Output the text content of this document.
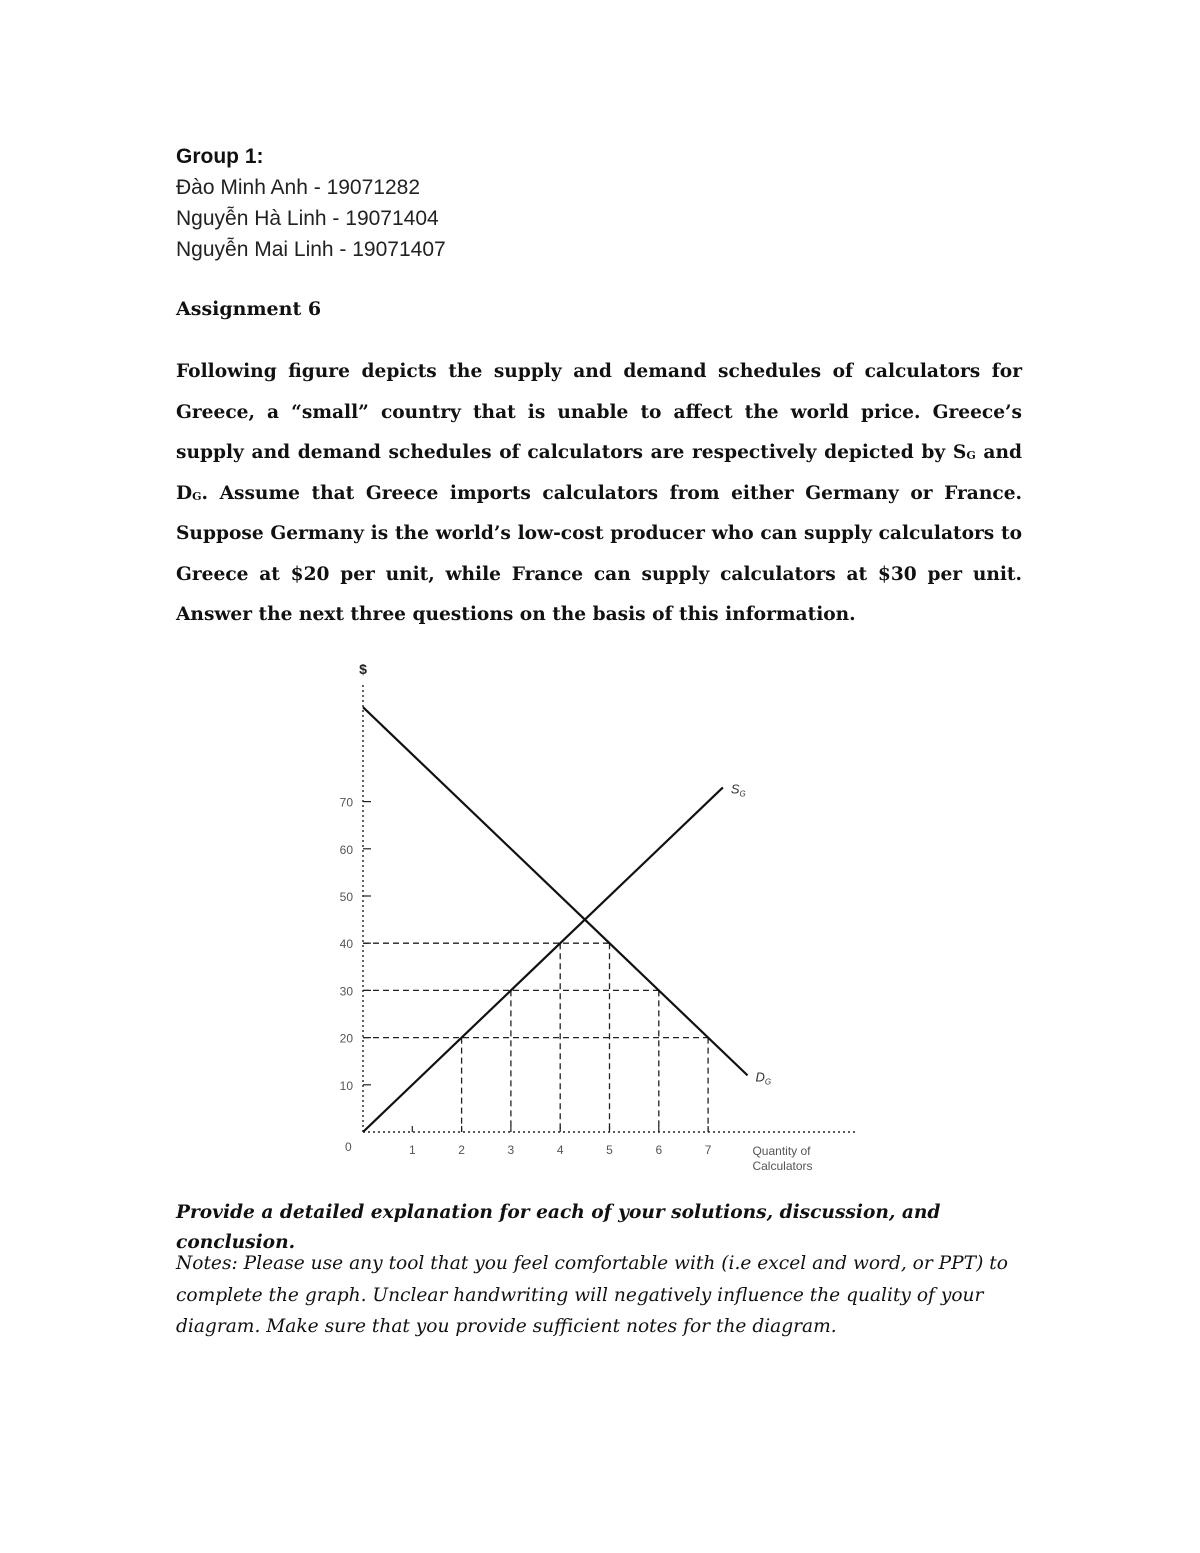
Group 1:
Đào Minh Anh - 19071282
Nguyễn Hà Linh - 19071404
Nguyễn Mai Linh - 19071407
Assignment 6
Following figure depicts the supply and demand schedules of calculators for Greece, a “small” country that is unable to affect the world price. Greece’s supply and demand schedules of calculators are respectively depicted by $S_G$ and $D_G$. Assume that Greece imports calculators from either Germany or France. Suppose Germany is the world’s low-cost producer who can supply calculators to Greece at $20 per unit, while France can supply calculators at $30 per unit. Answer the next three questions on the basis of this information.
$
0
10
20
30
40
50
60
70
1	2	3	4	5	6	7	Quantity of
Calculators
$D_G$
$S_G$
Provide a detailed explanation for each of your solutions, discussion, and conclusion.
Notes: Please use any tool that you feel comfortable with (i.e excel and word, or PPT) to complete the graph. Unclear handwriting will negatively influence the quality of your diagram. Make sure that you provide sufficient notes for the diagram.
